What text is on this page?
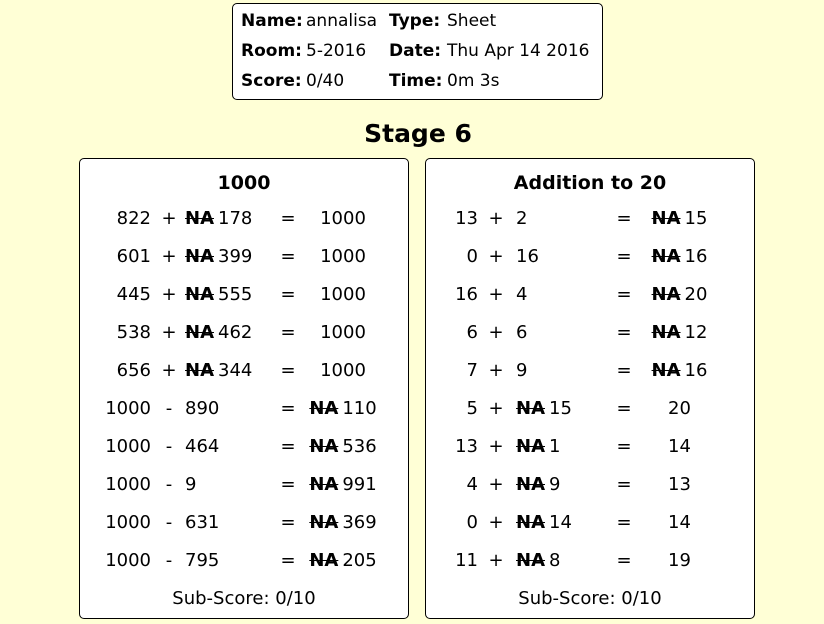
Name: annalisa Type: Sheet
Room: 5-2016 Date: Thu Apr 14 2016
Score: 0/40	Time: 0m 3s
Stage 6
1000
822 + NA 178 =	1000
601 + NA 399 =	1000
445 + NA 555 =	1000
538 + NA 462 =	1000
656 + NA 344 =	1000
1000 - 890	= NA 110
1000 - 464	= NA 536
1000 - 9	= NA 991
1000 - 631	= NA 369
1000 - 795	= NA 205
Sub-Score: 0/10
Addition to 20
13 + 2	=	NA 15
0 + 16	=	NA 16
16 + 4	=	NA 20
6 + 6	=	NA 12
7 + 9	=	NA 16
5 + NA 15 =	20
13 + NA 1	=	14
4 + NA 9	=	13
0 + NA 14 =	14
11 + NA 8	=	19
Sub-Score: 0/10
